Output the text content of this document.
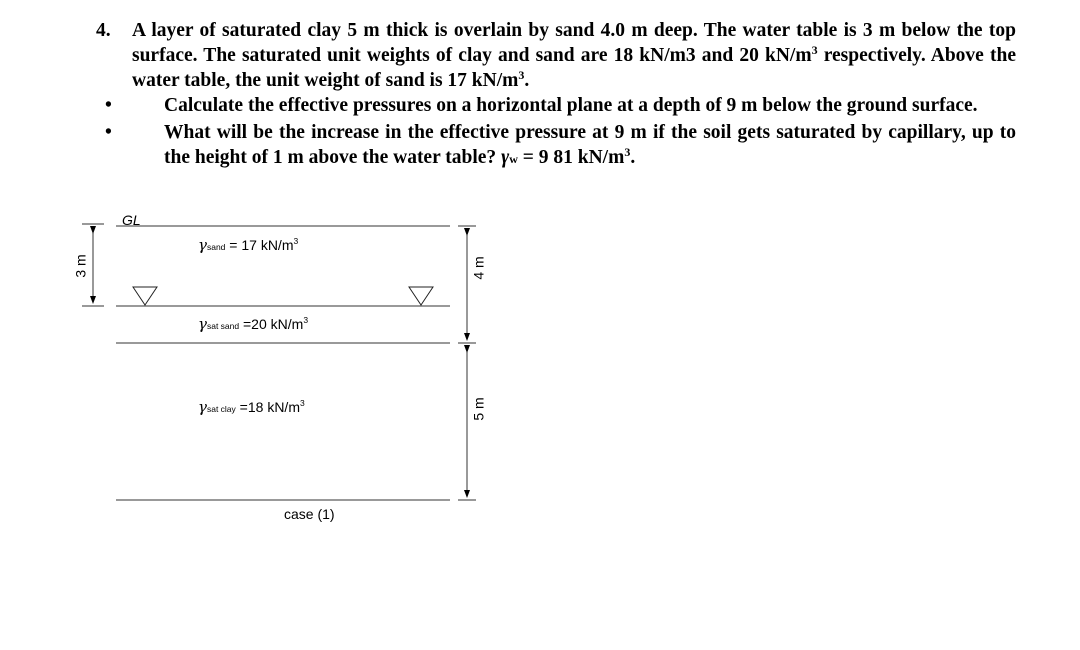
4. A layer of saturated clay 5 m thick is overlain by sand 4.0 m deep. The water table is 3 m below the top surface. The saturated unit weights of clay and sand are 18 kN/m3 and 20 $kN/m^3$ respectively. Above the water table, the unit weight of sand is 17 $kN/m^3$.
•	Calculate the effective pressures on a horizontal plane at a depth of 9 m below the ground surface.
•	What will be the increase in the effective pressure at 9 m if the soil gets saturated by capillary, up to the height of 1 m above the water table? γw = 9 81 $kN/m^3$.
GL
3 m	4 m
5 m
γsand = 17 $kN/m^3$
γsat sand =20 $kN/m^3$
γsat clay =18 $kN/m^3$
case (1)
